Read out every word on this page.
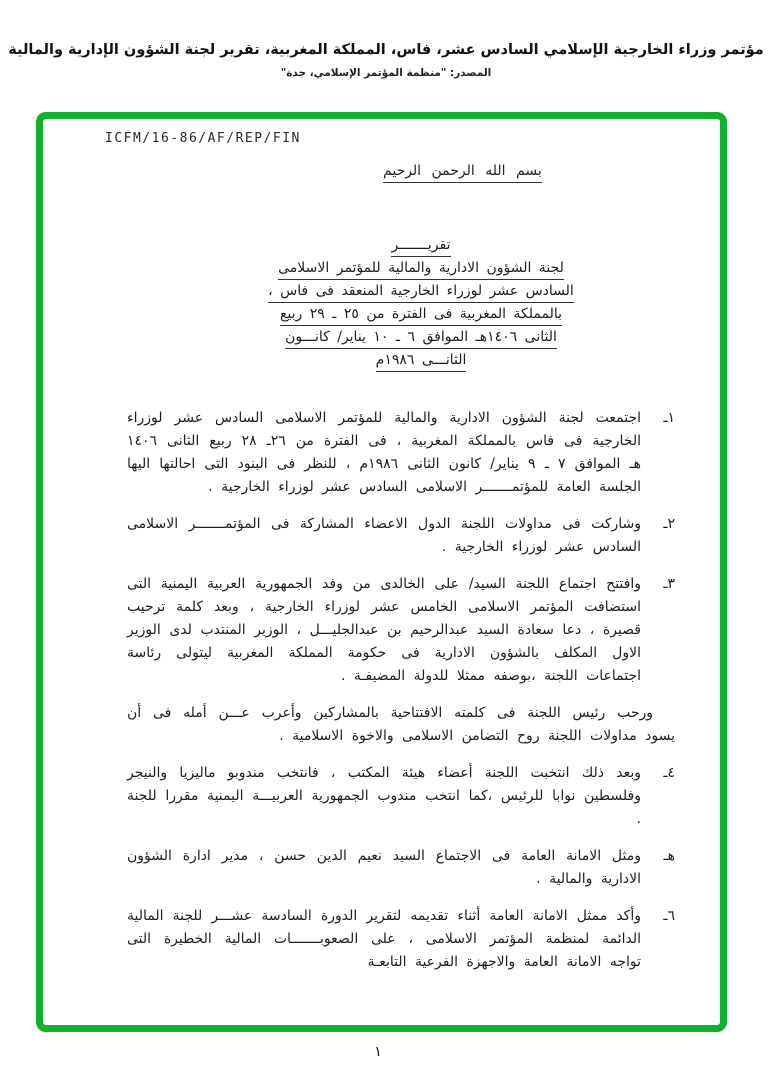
مؤتمر وزراء الخارجية الإسلامي السادس عشر، فاس، المملكة المغربية، تقرير لجنة الشؤون الإدارية والمالية
المصدر: "منظمة المؤتمر الإسلامي، جدة"
ICFM/16-86/AF/REP/FIN
بسم الله الرحمن الرحيم
تقريـــــــر
لجنة الشؤون الادارية والمالية للمؤتمر الاسلامى
السادس عشر لوزراء الخارجية المنعقد فى فاس ،
بالمملكة المغربية فى الفترة من ٢٥ ـ ٢٩ ربيع
الثانى ١٤٠٦هـ الموافق ٦ ـ ١٠ يناير/ كانـــون
الثانـــى ١٩٨٦م
١ـ
اجتمعت لجنة الشؤون الادارية والمالية للمؤتمر الاسلامى السادس عشر لوزراء الخارجية فى فاس بالمملكة المغربية ، فى الفترة من ٢٦ـ ٢٨ ربيع الثانى ١٤٠٦ هـ الموافق ٧ ـ ٩ يناير/ كانون الثانى ١٩٨٦م ، للنظر فى البنود التى احالتها اليها الجلسة العامة للمؤتمـــــــر الاسلامى السادس عشر لوزراء الخارجية .
٢ـ
وشاركت فى مداولات اللجنة الدول الاعضاء المشاركة فى المؤتمـــــــر الاسلامى السادس عشر لوزراء الخارجية .
٣ـ
وافتتح اجتماع اللجنة السيد/ على الخالدى من وفد الجمهورية العربية اليمنية التى استضافت المؤتمر الاسلامى الخامس عشر لوزراء الخارجية ، وبعد كلمة ترحيب قصيرة ، دعا سعادة السيد عبدالرحيم بن عبدالجليـــل ، الوزير المنتدب لدى الوزير الاول المكلف بالشؤون الادارية فى حكومة المملكة المغربية ليتولى رئاسة اجتماعات اللجنة ،بوصفه ممثلا للدولة المضيفـة .
ورحب رئيس اللجنة فى كلمته الافتتاحية بالمشاركين وأعرب عـــن أمله فى أن يسود مداولات اللجنة روح التضامن الاسلامى والاخوة الاسلامية .
٤ـ
وبعد ذلك انتخبت اللجنة أعضاء هيئة المكتب ، فانتخب مندوبو ماليزيا والنيجر وفلسطين نوابا للرئيس ،كما انتخب مندوب الجمهورية العربيـــة اليمنية مقررا للجنة .
هـ
ومثل الامانة العامة فى الاجتماع السيد نعيم الدين حسن ، مدير ادارة الشؤون الادارية والمالية .
٦ـ
وأكد ممثل الامانة العامة أثناء تقديمه لتقرير الدورة السادسة عشـــر للجنة المالية الدائمة لمنظمة المؤتمر الاسلامى ، على الصعوبـــــــات المالية الخطيرة التى تواجه الامانة العامة والاجهزة الفرعية التابعـة
١
